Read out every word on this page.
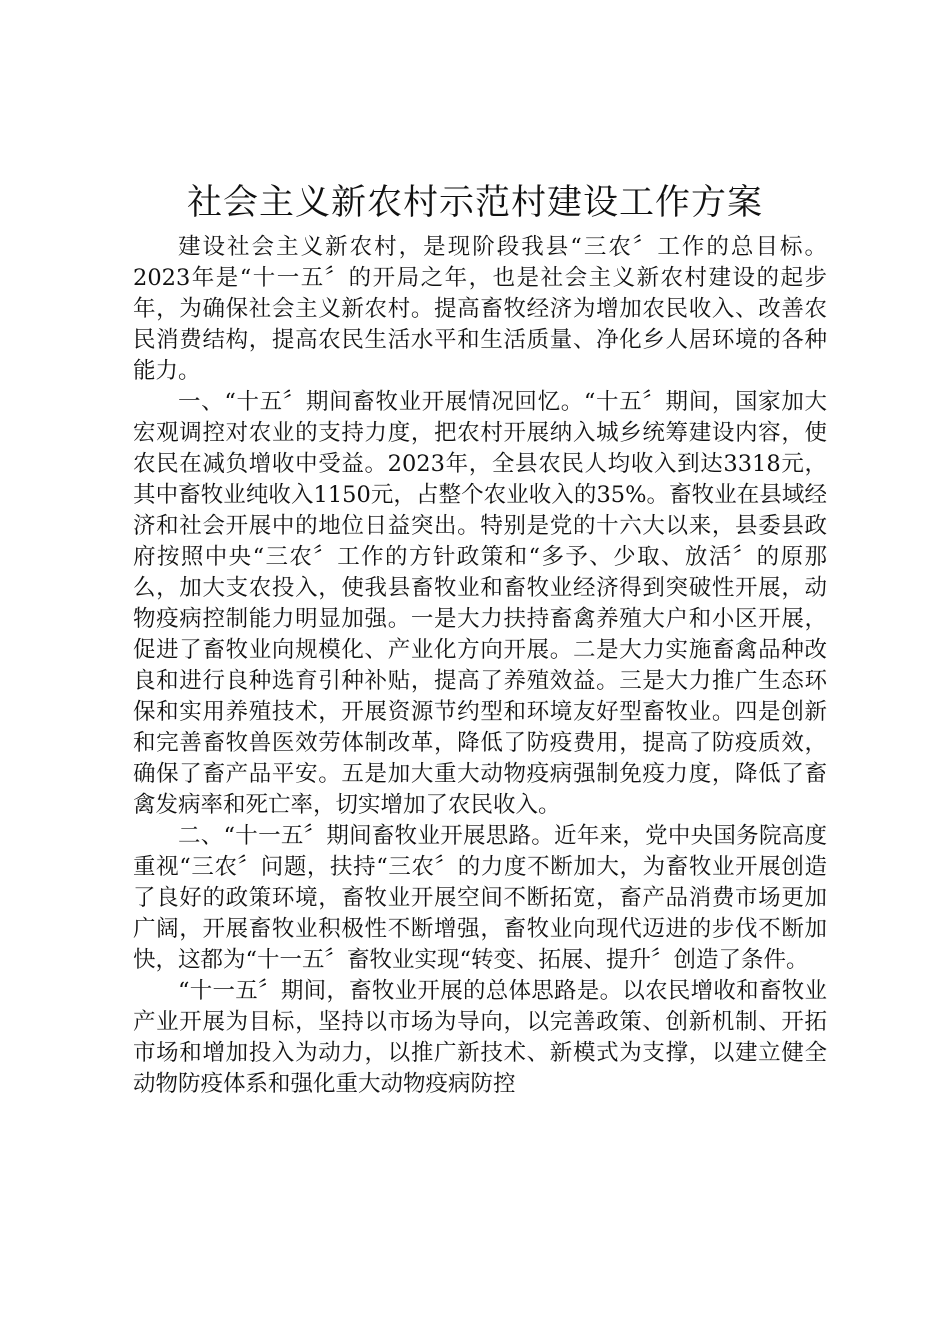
社会主义新农村示范村建设工作方案

建设社会主义新农村，是现阶段我县“三农〞工作的总目标。2023年是“十一五〞的开局之年，也是社会主义新农村建设的起步年，为确保社会主义新农村。提高畜牧经济为增加农民收入、改善农民消费结构，提高农民生活水平和生活质量、净化乡人居环境的各种能力。

一、“十五〞期间畜牧业开展情况回忆。“十五〞期间，国家加大宏观调控对农业的支持力度，把农村开展纳入城乡统筹建设内容，使农民在减负增收中受益。2023年，全县农民人均收入到达3318元，其中畜牧业纯收入1150元，占整个农业收入的35%。畜牧业在县域经济和社会开展中的地位日益突出。特别是党的十六大以来，县委县政府按照中央“三农〞工作的方针政策和“多予、少取、放活〞的原那么，加大支农投入，使我县畜牧业和畜牧业经济得到突破性开展，动物疫病控制能力明显加强。一是大力扶持畜禽养殖大户和小区开展，促进了畜牧业向规模化、产业化方向开展。二是大力实施畜禽品种改良和进行良种选育引种补贴，提高了养殖效益。三是大力推广生态环保和实用养殖技术，开展资源节约型和环境友好型畜牧业。四是创新和完善畜牧兽医效劳体制改革，降低了防疫费用，提高了防疫质效，确保了畜产品平安。五是加大重大动物疫病强制免疫力度，降低了畜禽发病率和死亡率，切实增加了农民收入。

二、“十一五〞期间畜牧业开展思路。近年来，党中央国务院高度重视“三农〞问题，扶持“三农〞的力度不断加大，为畜牧业开展创造了良好的政策环境，畜牧业开展空间不断拓宽，畜产品消费市场更加广阔，开展畜牧业积极性不断增强，畜牧业向现代迈进的步伐不断加快，这都为“十一五〞畜牧业实现“转变、拓展、提升〞创造了条件。

“十一五〞期间，畜牧业开展的总体思路是。以农民增收和畜牧业产业开展为目标，坚持以市场为导向，以完善政策、创新机制、开拓市场和增加投入为动力，以推广新技术、新模式为支撑，以建立健全动物防疫体系和强化重大动物疫病防控
